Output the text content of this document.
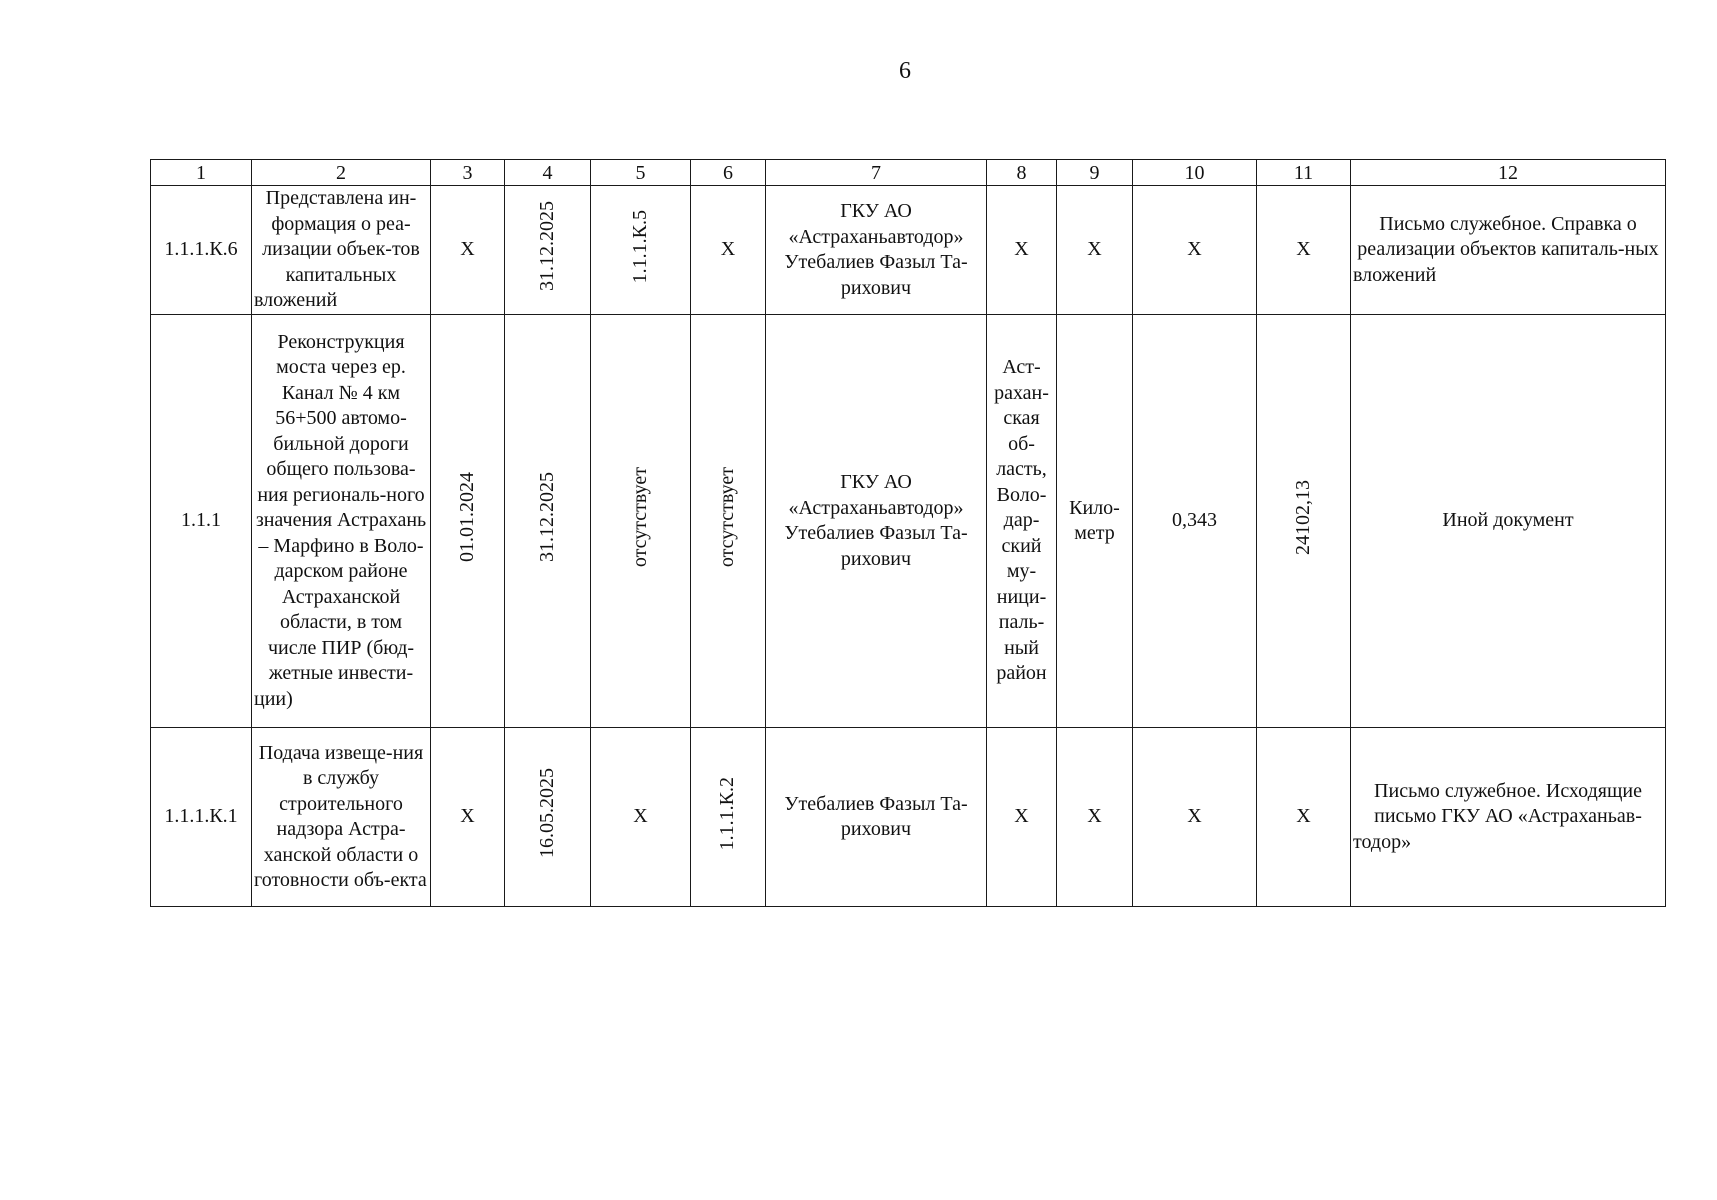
6
1	2	3	4	5	6	7	8	9	10	11	12
1.1.1.К.6	Представлена ин-формация о реа-лизации объек-тов капитальных вложений	X	31.12.2025	1.1.1.К.5	X	ГКУ АО «Астраханьавтодор» Утебалиев Фазыл Та-рихович	X	X	X	X	Письмо служебное. Справка о реализации объектов капиталь-ных вложений
1.1.1	Реконструкция моста через ер. Канал № 4 км 56+500 автомо-бильной дороги общего пользова-ния региональ-ного значения Астрахань – Марфино в Воло-дарском районе Астраханской области, в том числе ПИР (бюд-жетные инвести-ции)	01.01.2024	31.12.2025	отсутствует	отсутствует	ГКУ АО «Астраханьавтодор» Утебалиев Фазыл Та-рихович	Аст-рахан-ская об-ласть, Воло-дар-ский му-ници-паль-ный район	Кило-метр	0,343	24102,13	Иной документ
1.1.1.К.1	Подача извеще-ния в службу строительного надзора Астра-ханской области о готовности объ-екта	X	16.05.2025	X	1.1.1.К.2	Утебалиев Фазыл Та-рихович	X	X	X	X	Письмо служебное. Исходящие письмо ГКУ АО «Астраханьав-тодор»
